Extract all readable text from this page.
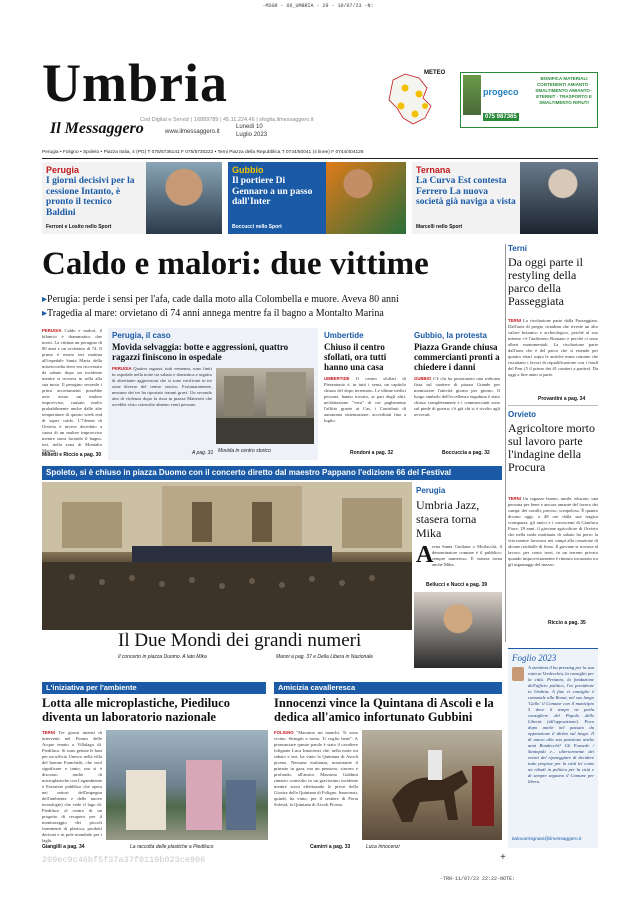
-MSGR - 06_UMBRIA - 29 - 10/07/23 -N:
Umbria
Il Messaggero
Cod Digital e Servizi | 16889789 | 45.11.224.46 | sfoglia.ilmessaggero.it
www.ilmessaggero.it
Lunedì 10
Luglio 2023
METEO
progeco
075 987365
BONIFICA MATERIALI CONTENENTI AMIANTO · SMALTIMENTO AMIANTO · ETERNIT · TRASPORTO E SMALTIMENTO RIFIUTI
Perugia • Foligno • Spoleto • Piazza Italia, 4 (PG) T 075/5736141 F 075/5730222 • Terni Piazza della Repubblica T 0744/50041 (4 linee) F 0744/404126
Perugia
I giorni decisivi per la cessione Intanto, è pronto il tecnico Baldini
Ferroni e Losito nello Sport
Gubbio
Il portiere Di Gennaro a un passo dall'Inter
Boccucci nello Sport
Ternana
La Curva Est contesta Ferrero La nuova società già naviga a vista
Marcelli nello Sport
Caldo e malori: due vittime
▸Perugia: perde i sensi per l'afa, cade dalla moto alla Colombella e muore. Aveva 80 anni
▸Tragedia al mare: orvietano di 74 anni annega mentre fa il bagno a Montalto Marina
PERUGIA Caldo e malori, il bilancio è drammatico due morti. La vittima un perugino di 80 anni e un orvietano di 74. Il primo è morto ieri mattina all'ospedale Santa Maria della misericordia dove era ricoverato da sabato dopo un incidente mentre si trovava in sella alla sua moto. Il perugino secondo i primi accertamenti potrebbe aver avuto un malore improvviso, causato molto probabilmente anche dalle alte temperature di questo week end di super caldo. L'74enne di Orvieto è invece deceduto a causa di un malore improvviso mentre stava facendo il bagno, ieri, nella zona di Montalto Marina.
Milletti e Riccio a pag. 30
Perugia, il caso
Movida selvaggia: botte e aggressioni, quattro ragazzi finiscono in ospedale
PERUGIA Quattro ragazzi, tutti ventenni, sono finiti in ospedale nella notte tra sabato e domenica a seguito di altrettante aggressioni che si sono verificate in tre zone diverse del centro storico. Fortunatamente, nessuno dei tre ha riportato traumi gravi. Un secondo atto di violenza dopo la rissa in piazza Matteotti che avrebbe visto coinvolte almeno venti persone.
A pag. 31 Movida in centro storico
Umbertide
Chiuso il centro sfollati, ora tutti hanno una casa
UMBERTIDE Il centro sfollati di Pierantonio è, in tutti i sensi, un capitolo chiuso del dopo terremoto. Le ultime tredici persone, hanno trovato, ai pari degli altri, un'abitazione "vera" di cui pagheranno l'affitto grazie ai Cas, i Contributi di autonoma sistemazione, accreditati fino a luglio.
Rondoni a pag. 32
Gubbio, la protesta
Piazza Grande chiusa commercianti pronti a chiedere i danni
GUBBIO C'è chi ha posizionato una webcam fissa sul cantiere di piazza Grande per monitorare l'attività giorno per giorno. Il luogo simbolo dell'eccellenza eugubina è stato chiuso completamente e i commercianti sono sul piede di guerra: c'è già chi si è rivolto agli avvocati.
Boccuccia a pag. 32
Terni
Da oggi parte il restyling della parco della Passeggiata
TERNI La rivoluzione parte dalla Passeggiata. Dall'area di pregio cittadina che riveste un alto valore botanico e archeologico, perché al suo interno c'è l'anfiteatro Romano e perché ci sono alberi monumentali. La rivoluzione parte dall'area che è del parco che si estende per quattro ettari sopra le antiche mura romane che riscattano i lavori di riqualificazione con i fondi del Pnrr (5 il primo dei 41 cantieri a partire). Da oggi a fine anno si parte.
Provantini a pag. 34
Orvieto
Agricoltore morto sul lavoro parte l'indagine della Procura
TERNI Un ragazzo buono, umile, educato, una persona per bene e ancora amante del lavoro dei campi, dei cavalli, preciso, scrupoloso. È quanto dicono oggi, a 48 ore dalla sua tragica scomparsa, gli amici e i conoscenti di Gianluca Fiore, 29 anni, il giovane agricoltore di Orvieto che nella tarda mattinata di sabato ha perso la vita mentre lavorava nei campi alla creazione di alcune rotoballe di fieno. Il giovane si trovava al lavoro, per conto terzi, in un terreno privato quando improvvisamente è rimasto incastrato tra gli ingranaggi del mezzo.
Riccio a pag. 35
Spoleto, si è chiuso in piazza Duomo con il concerto diretto dal maestro Pappano l'edizione 66 del Festival
Il Due Mondi dei grandi numeri
Il concerto in piazza Duomo. A lato Mika	Manni a pag. 37 e Della Libera in Nazionale
Perugia
Umbria Jazz, stasera torna Mika
A
rena Santa Giuliana o Morlacchi, il denominatore comune è il pubblico: sempre numeroso. E stasera torna anche Mika.
Bellucci e Nucci a pag. 39
Foglio 2023
A otentima il bu pressing per la sua rotta ai Verdecchia, la consiglio per la città. Pertanto, la fondazione dell'ufficio politico, l'ex presidente in Umbria. A fine vi consiglio è comunale alla Ronai, nel suo lungo 'Gallo' il Comune con il municipio 5 dove il tempo ne parla consigliere del Popolo delle Libertà (all'opposizione). Poco dopo anche nel passato da opposizione il diritto sul luogo. Il di nuovo alla sua posizione anche anni Bondecchi? Gli Fonsede / Santopali e... ulteriormente dei eventi del ripeteggiare di decidere tutto propose per la città lei come un ribadi in politica per la città e di sempre seguono il Comune per libera.
italocarmignani@ilmessaggero.it
L'iniziativa per l'ambiente
Lotta alle microplastiche, Piediluco diventa un laboratorio nazionale
TERNI Tre giorni intensi di interventi nel Forum delle Acque tenuto a Villalago di. Piediluco. Si sono gettate le basi per un ufficio Unesco nella villa del barone Franchetti, che vuol significare e tanto, ma si è discusso anche di microplastiche con Legambiente e Esessiere pubblico che opera nei settori dell'impegno dell'ambiente e delle nuove tecnologie) che vede il lago di. Piediluco al centro di un progetto di recupero per il monitoraggio dei piccoli frammenti di plastica, prodotti derivati e in pole mondiale per i laghi.
Giangilli a pag. 34	La raccolta delle plastiche a Piediluco
Amicizia cavalleresca
Innocenzi vince la Quintana di Ascoli e la dedica all'amico infortunato Gubbini
FOLIGNO "Massimo mi manchi. Ti sono vicino. Stringiti a torna. Ti voglio bene". A pronunciare queste parole è stato il cavaliere folignate Luca Innocenzi che, nella notte tra sabato e ieri, ha vinto la Quintana di Ascoli piceno. Nessuna esultanza, nonostante il primato in gara, ma un pensiero, sincero e profondo, all'amico Massimo Gubbini rimasto coinvolto in un gravissimo incidente mentre stava effettuando le prove della Giostra della Quintana di Foligno. Innocenzi, quindi, ha vinto, per il sestiere di Porta Solestà, la Quintana di Ascoli Piceno.
Camirri a pag. 33	Luca Innocenzi
209ec9c46bf5f37a37f0119b023ce906	+
-TRN-11/07/23 22:22-NOTE:
